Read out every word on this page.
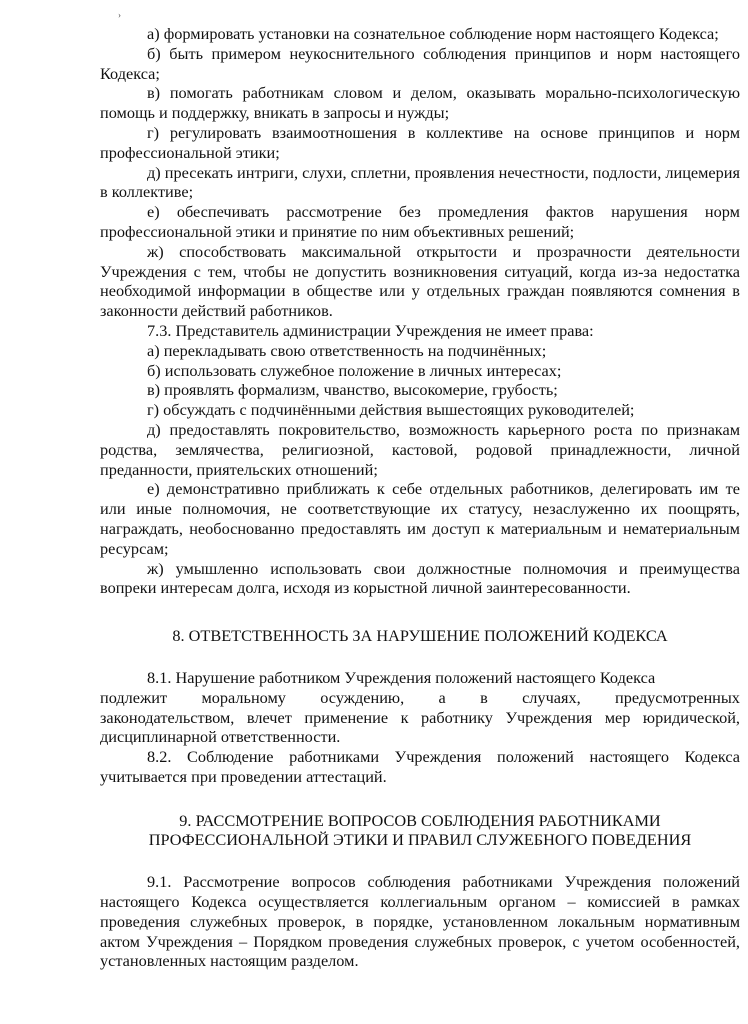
›

а) формировать установки на сознательное соблюдение норм настоящего Кодекса;

б) быть примером неукоснительного соблюдения принципов и норм настоящего Кодекса;

в) помогать работникам словом и делом, оказывать морально-психологическую помощь и поддержку, вникать в запросы и нужды;

г) регулировать взаимоотношения в коллективе на основе принципов и норм профессиональной этики;

д) пресекать интриги, слухи, сплетни, проявления нечестности, подлости, лицемерия в коллективе;

е) обеспечивать рассмотрение без промедления фактов нарушения норм профессиональной этики и принятие по ним объективных решений;

ж) способствовать максимальной открытости и прозрачности деятельности Учреждения с тем, чтобы не допустить возникновения ситуаций, когда из-за недостатка необходимой информации в обществе или у отдельных граждан появляются сомнения в законности действий работников.

7.3. Представитель администрации Учреждения не имеет права:

а) перекладывать свою ответственность на подчинённых;

б) использовать служебное положение в личных интересах;

в) проявлять формализм, чванство, высокомерие, грубость;

г) обсуждать с подчинёнными действия вышестоящих руководителей;

д) предоставлять покровительство, возможность карьерного роста по признакам родства, землячества, религиозной, кастовой, родовой принадлежности, личной преданности, приятельских отношений;

е) демонстративно приближать к себе отдельных работников, делегировать им те или иные полномочия, не соответствующие их статусу, незаслуженно их поощрять, награждать, необоснованно предоставлять им доступ к материальным и нематериальным ресурсам;

ж) умышленно использовать свои должностные полномочия и преимущества вопреки интересам долга, исходя из корыстной личной заинтересованности.

8. ОТВЕТСТВЕННОСТЬ ЗА НАРУШЕНИЕ ПОЛОЖЕНИЙ КОДЕКСА

8.1. Нарушение работником Учреждения положений настоящего Кодекса

подлежит моральному осуждению, а в случаях, предусмотренных

законодательством, влечет применение к работнику Учреждения мер юридической, дисциплинарной ответственности.

8.2. Соблюдение работниками Учреждения положений настоящего Кодекса учитывается при проведении аттестаций.

9. РАССМОТРЕНИЕ ВОПРОСОВ СОБЛЮДЕНИЯ РАБОТНИКАМИ

ПРОФЕССИОНАЛЬНОЙ ЭТИКИ И ПРАВИЛ СЛУЖЕБНОГО ПОВЕДЕНИЯ

9.1. Рассмотрение вопросов соблюдения работниками Учреждения положений настоящего Кодекса осуществляется коллегиальным органом – комиссией в рамках проведения служебных проверок, в порядке, установленном локальным нормативным актом Учреждения – Порядком проведения служебных проверок, с учетом особенностей, установленных настоящим разделом.
